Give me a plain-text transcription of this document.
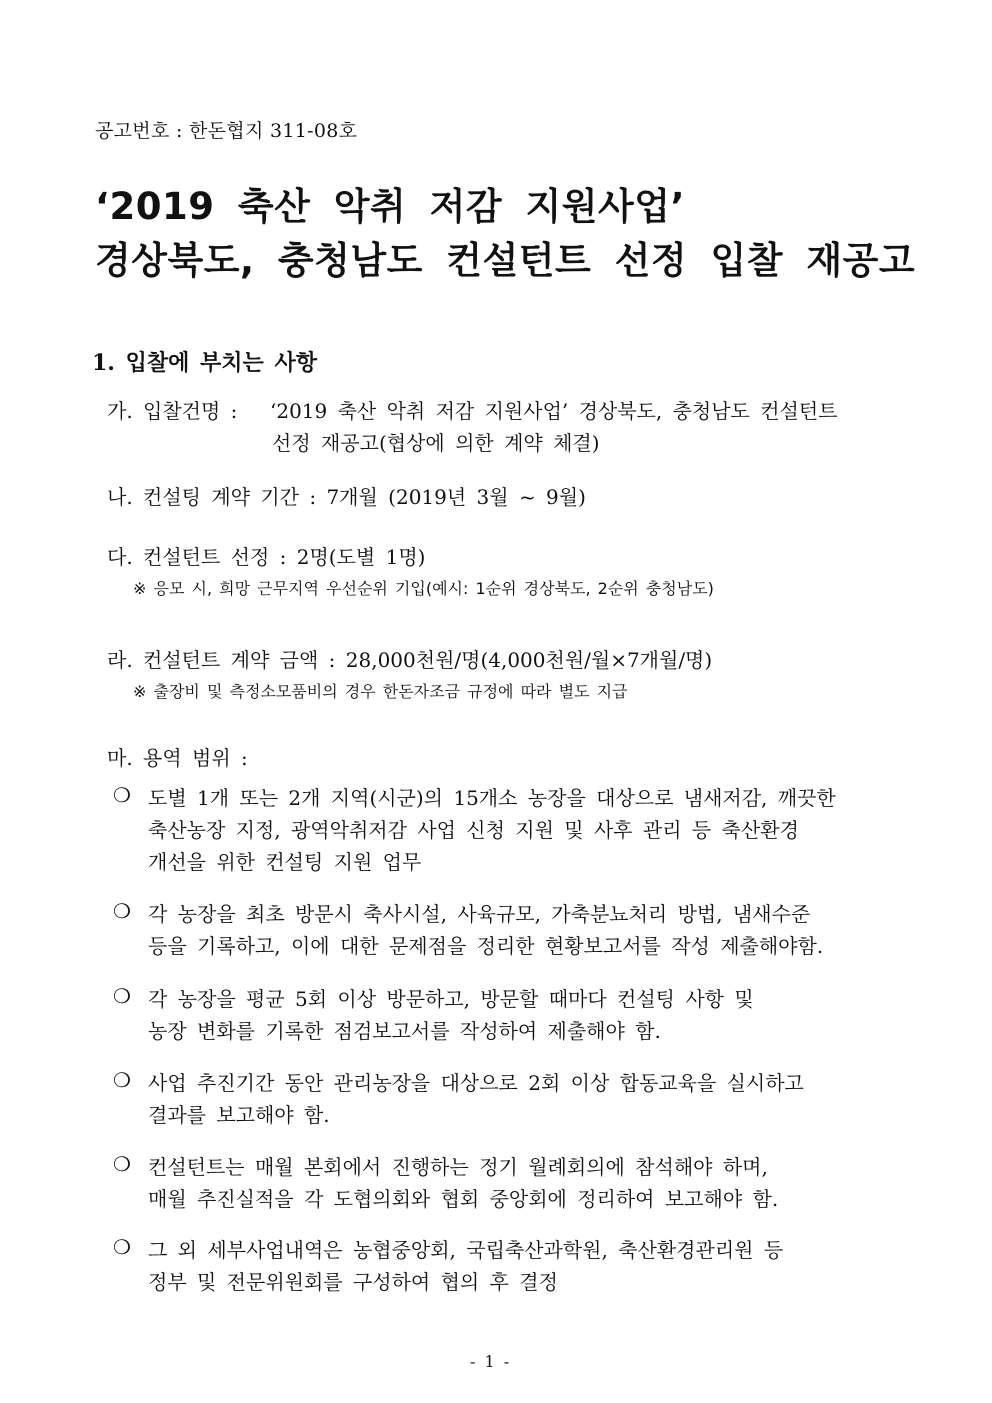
공고번호 : 한돈협지 311-08호
‘2019 축산 악취 저감 지원사업’
경상북도, 충청남도 컨설턴트 선정 입찰 재공고
1. 입찰에 부치는 사항
가. 입찰건명 : ‘2019 축산 악취 저감 지원사업’ 경상북도, 충청남도 컨설턴트
선정 재공고(협상에 의한 계약 체결)
나. 컨설팅 계약 기간 : 7개월 (2019년 3월 ~ 9월)
다. 컨설턴트 선정 : 2명(도별 1명)
※ 응모 시, 희망 근무지역 우선순위 기입(예시: 1순위 경상북도, 2순위 충청남도)
라. 컨설턴트 계약 금액 : 28,000천원/명(4,000천원/월×7개월/명)
※ 출장비 및 측정소모품비의 경우 한돈자조금 규정에 따라 별도 지급
마. 용역 범위 :
❍ 도별 1개 또는 2개 지역(시군)의 15개소 농장을 대상으로 냄새저감, 깨끗한
축산농장 지정, 광역악취저감 사업 신청 지원 및 사후 관리 등 축산환경
개선을 위한 컨설팅 지원 업무
❍ 각 농장을 최초 방문시 축사시설, 사육규모, 가축분뇨처리 방법, 냄새수준
등을 기록하고, 이에 대한 문제점을 정리한 현황보고서를 작성 제출해야함.
❍ 각 농장을 평균 5회 이상 방문하고, 방문할 때마다 컨설팅 사항 및
농장 변화를 기록한 점검보고서를 작성하여 제출해야 함.
❍ 사업 추진기간 동안 관리농장을 대상으로 2회 이상 합동교육을 실시하고
결과를 보고해야 함.
❍ 컨설턴트는 매월 본회에서 진행하는 정기 월례회의에 참석해야 하며,
매월 추진실적을 각 도협의회와 협회 중앙회에 정리하여 보고해야 함.
❍ 그 외 세부사업내역은 농협중앙회, 국립축산과학원, 축산환경관리원 등
정부 및 전문위원회를 구성하여 협의 후 결정
- 1 -
